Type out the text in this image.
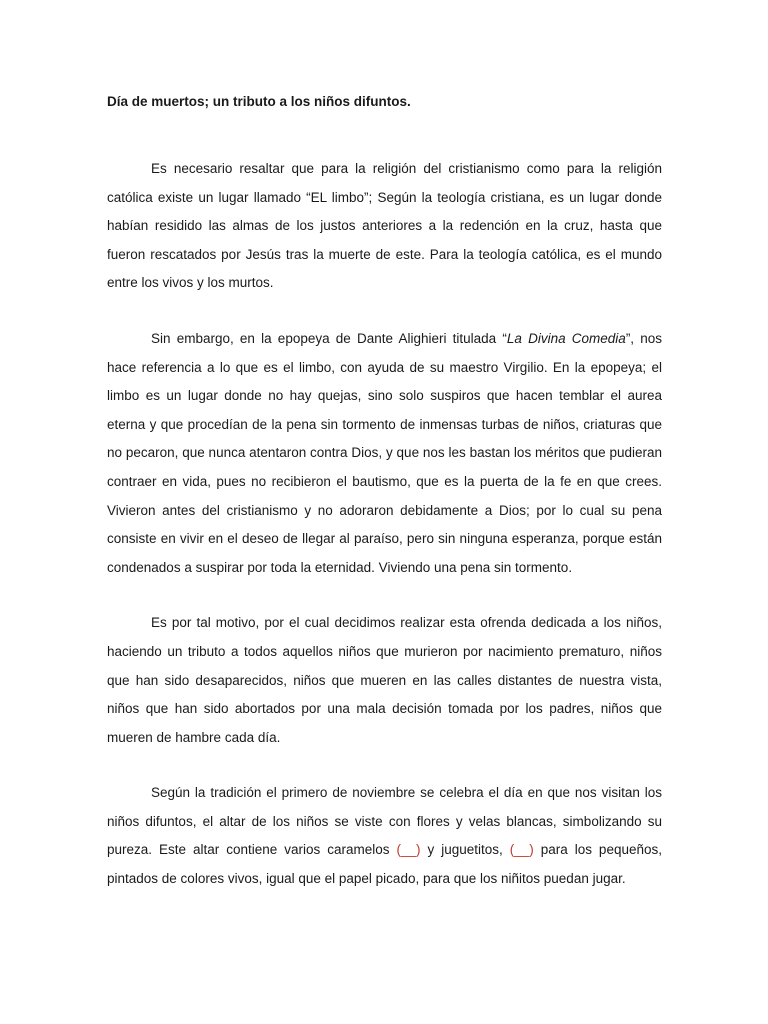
Día de muertos; un tributo a los niños difuntos.

Es necesario resaltar que para la religión del cristianismo como para la religión católica existe un lugar llamado “EL limbo”; Según la teología cristiana, es un lugar donde habían residido las almas de los justos anteriores a la redención en la cruz, hasta que fueron rescatados por Jesús tras la muerte de este. Para la teología católica, es el mundo entre los vivos y los murtos.

Sin embargo, en la epopeya de Dante Alighieri titulada “La Divina Comedia”, nos hace referencia a lo que es el limbo, con ayuda de su maestro Virgilio. En la epopeya; el limbo es un lugar donde no hay quejas, sino solo suspiros que hacen temblar el aurea eterna y que procedían de la pena sin tormento de inmensas turbas de niños, criaturas que no pecaron, que nunca atentaron contra Dios, y que nos les bastan los méritos que pudieran contraer en vida, pues no recibieron el bautismo, que es la puerta de la fe en que crees. Vivieron antes del cristianismo y no adoraron debidamente a Dios; por lo cual su pena consiste en vivir en el deseo de llegar al paraíso, pero sin ninguna esperanza, porque están condenados a suspirar por toda la eternidad. Viviendo una pena sin tormento.

Es por tal motivo, por el cual decidimos realizar esta ofrenda dedicada a los niños, haciendo un tributo a todos aquellos niños que murieron por nacimiento prematuro, niños que han sido desaparecidos, niños que mueren en las calles distantes de nuestra vista, niños que han sido abortados por una mala decisión tomada por los padres, niños que mueren de hambre cada día.

Según la tradición el primero de noviembre se celebra el día en que nos visitan los niños difuntos, el altar de los niños se viste con flores y velas blancas, simbolizando su pureza. Este altar contiene varios caramelos (__) y juguetitos, (__) para los pequeños, pintados de colores vivos, igual que el papel picado, para que los niñitos puedan jugar.
